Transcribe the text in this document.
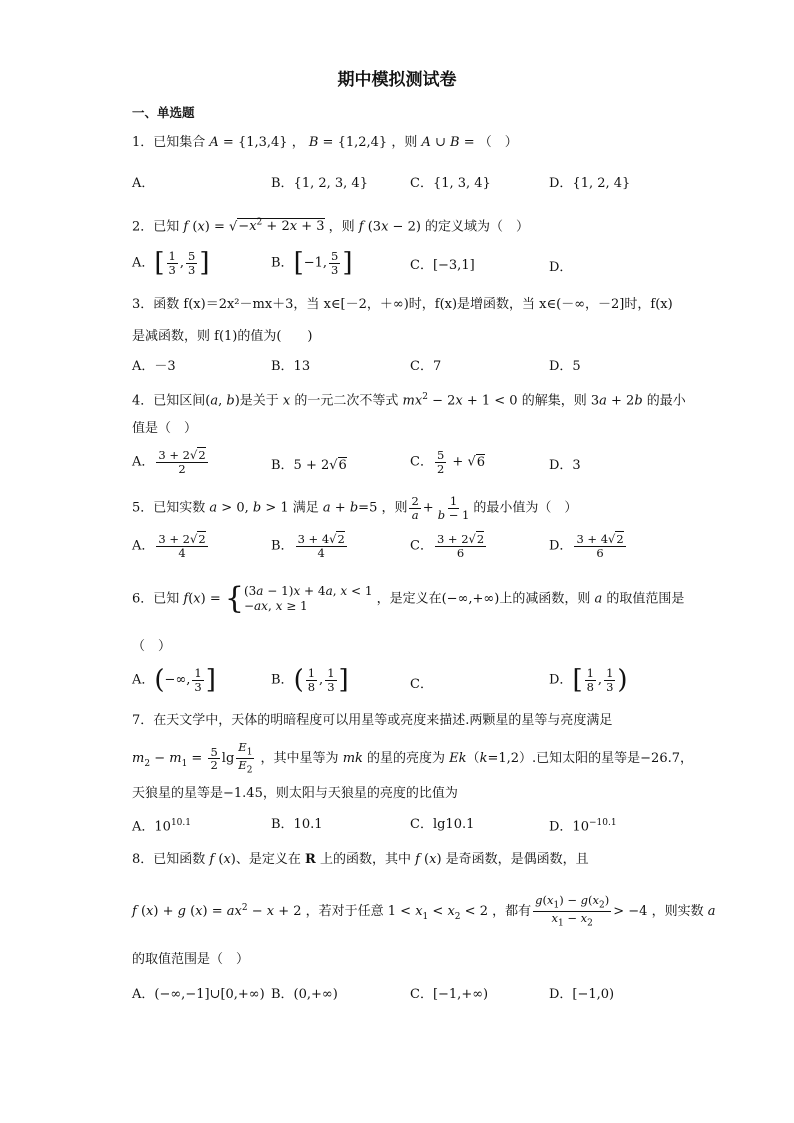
期中模拟测试卷
一、单选题
1．已知集合 A = {1,3,4} ， B = {1,2,4} ，则 A ∪ B = （　）
A．	B．{1, 2, 3, 4}	C．{1, 3, 4}	D．{1, 2, 4}
2．已知 f $(x) = √-x^2 + 2x + 3$ ，则 f (3x − 2) 的定义域为（　）
A．[ $\frac{1}{3}$ , $\frac{5}{3}$ ]	B．[−1, $\frac{5}{3}$ ]	C．[−3,1]	D．
3．函数 f(x)＝2x²－mx＋3，当 x∈[－2，＋∞)时，f(x)是增函数，当 x∈(－∞，－2]时，f(x)
是减函数，则 f(1)的值为(　　)
A．－3	B．13	C．7	D．5
4．已知区间(a, b)是关于 x 的一元二次不等式 $mx^2 - 2x + 1 < 0$ 的解集，则 3a + 2b 的最小
值是（　）
A． $\frac{3 + 2√2}{2}$	B．5 + 2√6	C． $\frac{5}{2} + √6$	D．3
5．已知实数 a > 0, b > 1 满足 a + b=5 ，则 $\frac{2}{a} + \frac{1}{b - 1}$ 的最小值为（　）
A． $\frac{3 + 2√2}{4}$	B． $\frac{3 + 4√2}{4}$	C． $\frac{3 + 2√2}{6}$	D． $\frac{3 + 4√2}{6}$
6．已知 f(x) = { (3a − 1)x + 4a, x < 1
−ax, x ≥ 1	，是定义在(−∞,+∞)上的减函数，则 a 的取值范围是
（　）
A．(−∞, $\frac{1}{3}$ ]	B．( $\frac{1}{8}$ , $\frac{1}{3}$ ]	C．	D．[ $\frac{1}{8}$ , $\frac{1}{3}$ )
7．在天文学中，天体的明暗程度可以用星等或亮度来描述.两颗星的星等与亮度满足
$m_2 - m_1 = \frac{5}{2}$ $\lg \frac{E_1}{E_2}$ ，其中星等为 mk 的星的亮度为 Ek（k=1,2）.已知太阳的星等是−26.7，
天狼星的星等是−1.45，则太阳与天狼星的亮度的比值为
A．$10^{10.1}$	B．10.1	C．lg10.1	D．$10^{-10.1}$
8．已知函数 f (x)、是定义在 R 上的函数，其中 f (x) 是奇函数，是偶函数，且
f (x) + g $(x) = ax^2 - x + 2$ ，若对于任意 $1 < x_1 < x_2 < 2$ ，都有 $\frac{g(x_1) - g(x_2)}{x_1 - x_2} > -4$ ，则实数 a
的取值范围是（　）
A．(−∞,−1]∪[0,+∞) B．(0,+∞)	C．[−1,+∞)	D．[−1,0)
